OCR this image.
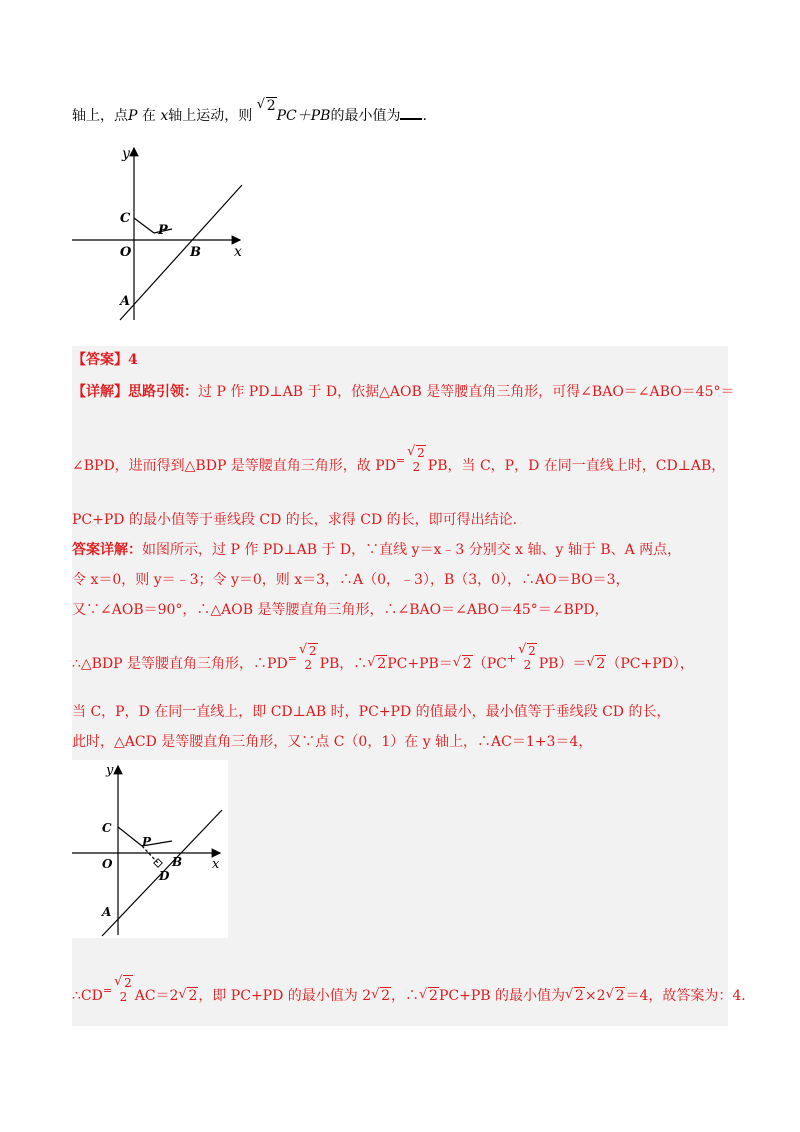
轴上，点P 在 x轴上运动，则 √ 2PC＋PB的最小值为 .
y
x
O
C
P
B
A
【答案】4
【详解】思路引领：过 P 作 PD⊥AB 于 D，依据△AOB 是等腰直角三角形，可得∠BAO＝∠ABO＝45°＝
∠BPD，进而得到△BDP 是等腰直角三角形，故 PD=
√ 2
2 PB，当 C，P，D 在同一直线上时，CD⊥AB，
PC+PD 的最小值等于垂线段 CD 的长，求得 CD 的长，即可得出结论.
答案详解：如图所示，过 P 作 PD⊥AB 于 D，∵直线 y＝x﹣3 分别交 x 轴、y 轴于 B、A 两点，
令 x＝0，则 y＝﹣3；令 y＝0，则 x＝3，∴A（0，﹣3），B（3，0），∴AO＝BO＝3，
又∵∠AOB＝90°，∴△AOB 是等腰直角三角形，∴∠BAO＝∠ABO＝45°＝∠BPD，
∴△BDP 是等腰直角三角形，∴PD=
√ 2
2 PB，∴ √ 2PC+PB＝ √ 2（PC+
√ 2
2 PB）＝ √ 2（PC+PD），
当 C，P，D 在同一直线上，即 CD⊥AB 时，PC+PD 的值最小，最小值等于垂线段 CD 的长，
此时，△ACD 是等腰直角三角形，又∵点 C（0，1）在 y 轴上，∴AC＝1+3＝4，
y
x
O
C
P
B
D
A
∴CD=
√ 2
2 AC＝2 √ 2，即 PC+PD 的最小值为 2 √ 2，∴ √ 2PC+PB 的最小值为 √ 2×2 √ 2＝4，故答案为：4.
